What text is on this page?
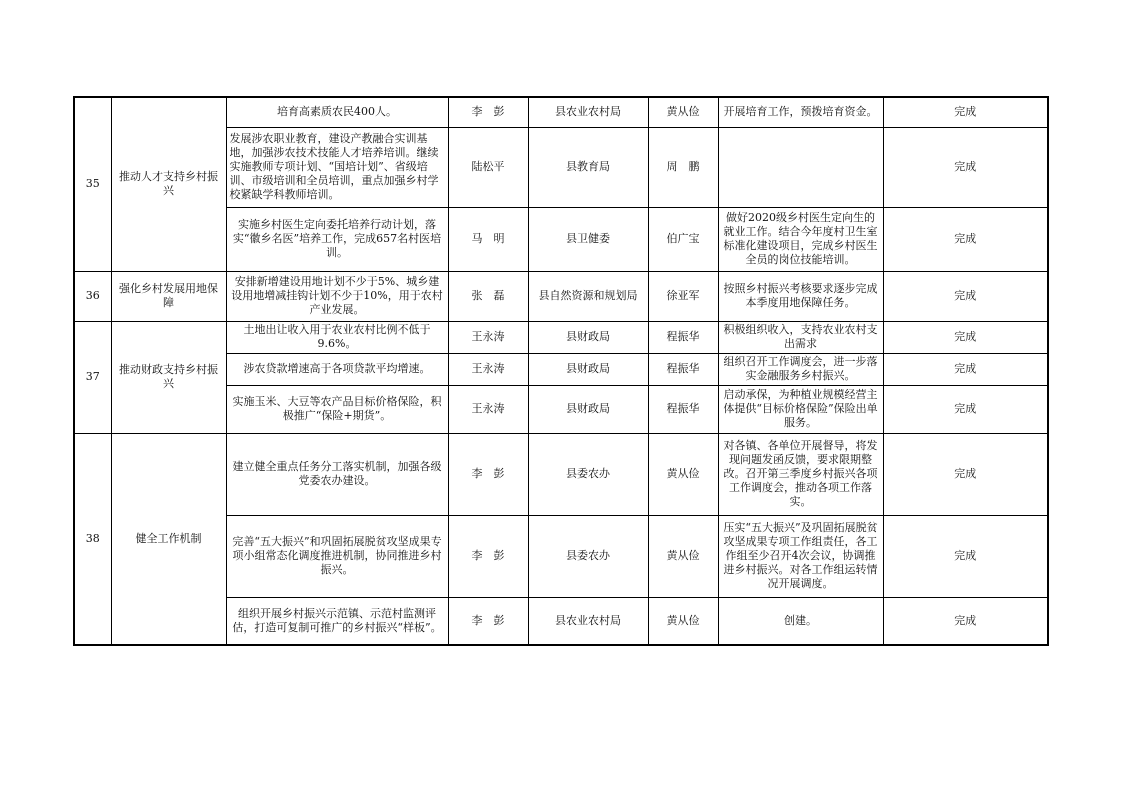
35	推动人才支持乡村振兴	培育高素质农民400人。	李　彭	县农业农村局	黄从俭	开展培育工作，预拨培育资金。	完成
		发展涉农职业教育，建设产教融合实训基地，加强涉农技术技能人才培养培训。继续实施教师专项计划、“国培计划”、省级培训、市级培训和全员培训，重点加强乡村学校紧缺学科教师培训。	陆松平	县教育局	周　鹏		完成
		实施乡村医生定向委托培养行动计划，落实“徽乡名医”培养工作，完成657名村医培训。	马　明	县卫健委	伯广宝	做好2020级乡村医生定向生的就业工作。结合今年度村卫生室标准化建设项目，完成乡村医生全员的岗位技能培训。	完成
36	强化乡村发展用地保障	安排新增建设用地计划不少于5%、城乡建设用地增减挂钩计划不少于10%，用于农村产业发展。	张　磊	县自然资源和规划局	徐亚军	按照乡村振兴考核要求逐步完成本季度用地保障任务。	完成
37	推动财政支持乡村振兴	土地出让收入用于农业农村比例不低于9.6%。	王永涛	县财政局	程振华	积极组织收入，支持农业农村支出需求	完成
		涉农贷款增速高于各项贷款平均增速。	王永涛	县财政局	程振华	组织召开工作调度会，进一步落实金融服务乡村振兴。	完成
		实施玉米、大豆等农产品目标价格保险，积极推广“保险+期货”。	王永涛	县财政局	程振华	启动承保，为种植业规模经营主体提供“目标价格保险”保险出单服务。	完成
38	健全工作机制	建立健全重点任务分工落实机制，加强各级党委农办建设。	李　彭	县委农办	黄从俭	对各镇、各单位开展督导，将发现问题发函反馈，要求限期整改。召开第三季度乡村振兴各项工作调度会，推动各项工作落实。	完成
		完善“五大振兴”和巩固拓展脱贫攻坚成果专项小组常态化调度推进机制，协同推进乡村振兴。	李　彭	县委农办	黄从俭	压实“五大振兴”及巩固拓展脱贫攻坚成果专项工作组责任，各工作组至少召开4次会议，协调推进乡村振兴。对各工作组运转情况开展调度。	完成
		组织开展乡村振兴示范镇、示范村监测评估，打造可复制可推广的乡村振兴“样板”。	李　彭	县农业农村局	黄从俭	创建。	完成
